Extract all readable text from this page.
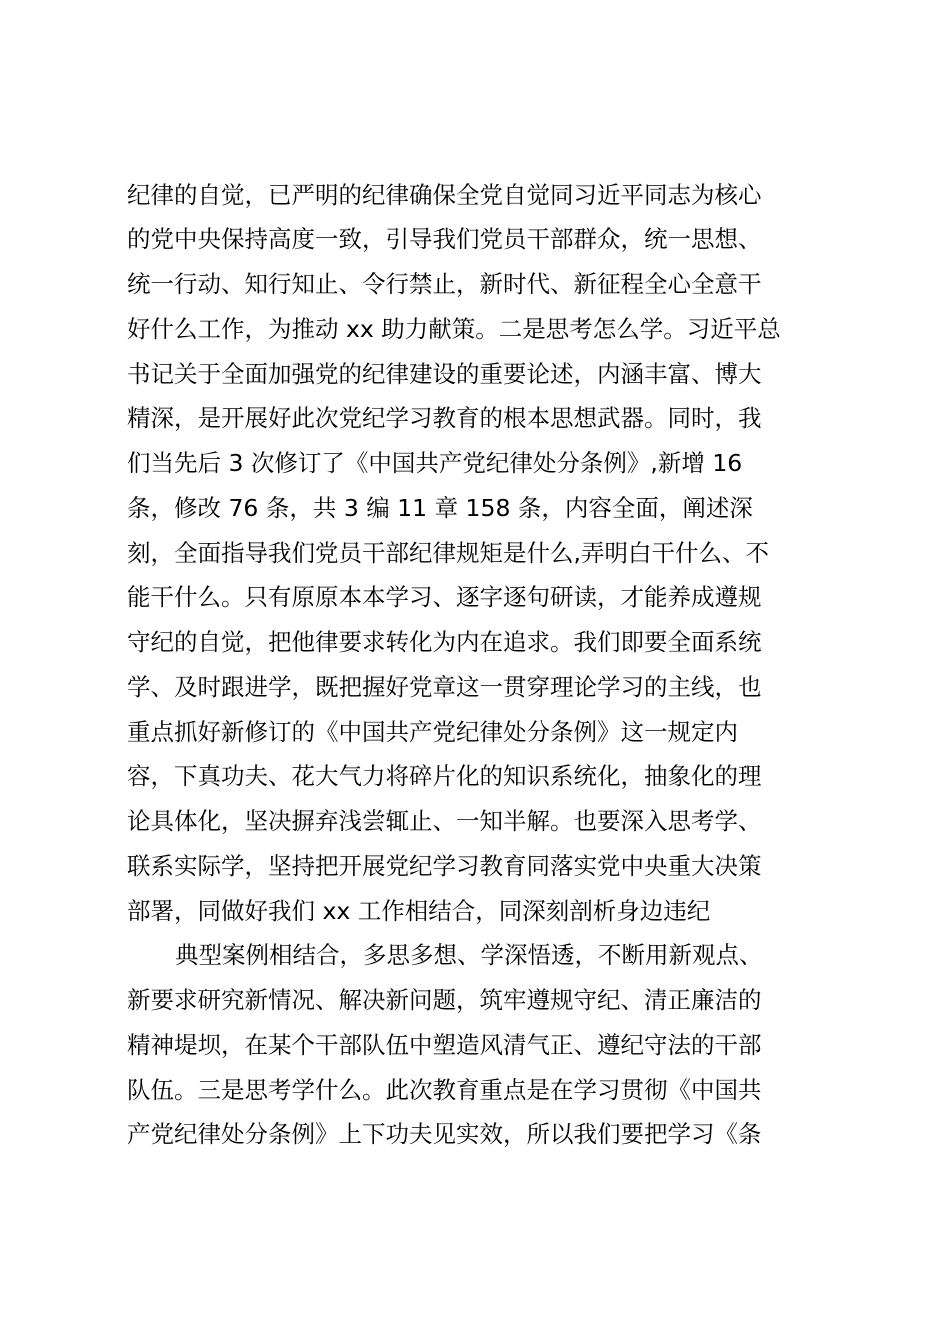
纪律的自觉，已严明的纪律确保全党自觉同习近平同志为核心
的党中央保持高度一致，引导我们党员干部群众，统一思想、
统一行动、知行知止、令行禁止，新时代、新征程全心全意干
好什么工作，为推动 xx 助力献策。二是思考怎么学。习近平总
书记关于全面加强党的纪律建设的重要论述，内涵丰富、博大
精深，是开展好此次党纪学习教育的根本思想武器。同时，我
们当先后 3 次修订了《中国共产党纪律处分条例》,新增 16
条，修改 76 条，共 3 编 11 章 158 条，内容全面，阐述深
刻，全面指导我们党员干部纪律规矩是什么,弄明白干什么、不
能干什么。只有原原本本学习、逐字逐句研读，才能养成遵规
守纪的自觉，把他律要求转化为内在追求。我们即要全面系统
学、及时跟进学，既把握好党章这一贯穿理论学习的主线，也
重点抓好新修订的《中国共产党纪律处分条例》这一规定内
容，下真功夫、花大气力将碎片化的知识系统化，抽象化的理
论具体化，坚决摒弃浅尝辄止、一知半解。也要深入思考学、
联系实际学，坚持把开展党纪学习教育同落实党中央重大决策
部署，同做好我们 xx 工作相结合，同深刻剖析身边违纪
典型案例相结合，多思多想、学深悟透，不断用新观点、
新要求研究新情况、解决新问题，筑牢遵规守纪、清正廉洁的
精神堤坝，在某个干部队伍中塑造风清气正、遵纪守法的干部
队伍。三是思考学什么。此次教育重点是在学习贯彻《中国共
产党纪律处分条例》上下功夫见实效，所以我们要把学习《条
